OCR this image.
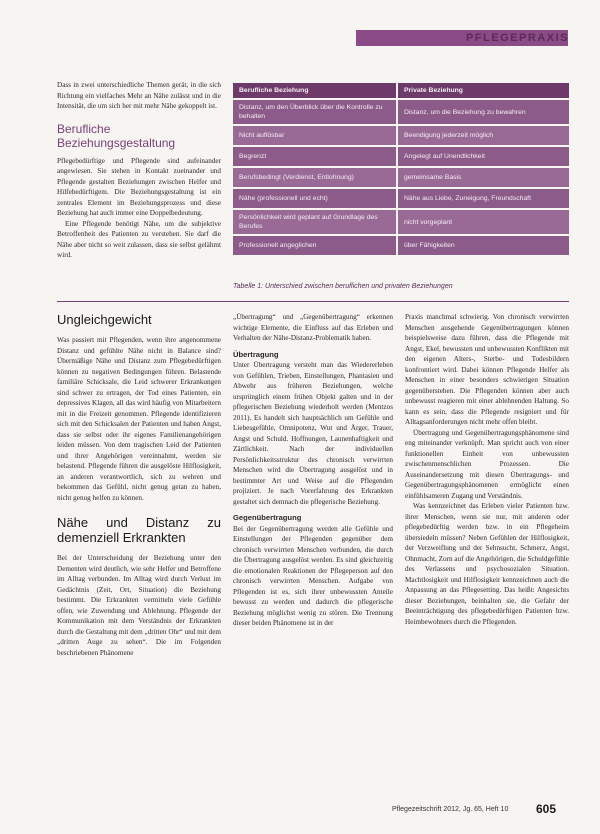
PFLEGEPRAXIS

Dass in zwei unterschiedliche Themen gerät, in die sich Richtung ein vielfaches Mehr an Nähe zulässt und in die Intensität, die um sich her mit mehr Nähe gekoppelt ist.

Berufliche Beziehungsgestaltung

Pflegebedürftige und Pflegende sind aufeinander angewiesen. Sie stehen in Kontakt zueinander und Pflegende gestalten Beziehungen zwischen Helfer und Hilfebedürftigem. Die Beziehungsgestaltung ist ein zentrales Element im Beziehungsprozess und diese Beziehung hat auch immer eine Doppelbedeutung.

Eine Pflegende benötigt Nähe, um die subjektive Betroffenheit des Patienten zu verstehen. Sie darf die Nähe aber nicht so weit zulassen, dass sie selbst gelähmt wird.

Berufliche Beziehung	Private Beziehung
Distanz, um den Überblick über die Kontrolle zu behalten	Distanz, um die Beziehung zu bewahren
Nicht auflösbar	Beendigung jederzeit möglich
Begrenzt	Angelegt auf Unendlichkeit
Berufsbedingt (Verdienst, Entlohnung)	gemeinsame Basis
Nähe (professionell und echt)	Nähe aus Liebe, Zuneigung, Freundschaft
Persönlichkeit wird geplant auf Grundlage des Berufes	nicht vorgeplant
Professionell angeglichen	über Fähigkeiten
Tabelle 1: Unterschied zwischen beruflichen und privaten Beziehungen
Ungleichgewicht

Was passiert mit Pflegenden, wenn ihre angenommene Distanz und gefühlte Nähe nicht in Balance sind? Übermäßige Nähe und Distanz zum Pflegebedürftigen können zu negativen Bedingungen führen. Belastende familiäre Schicksale, die Leid schwerer Erkrankungen sind schwer zu ertragen, der Tod eines Patienten, ein depressives Klagen, all das wird häufig von Mitarbeitern mit in die Freizeit genommen. Pflegende identifizieren sich mit den Schicksalen der Patienten und haben Angst, dass sie selbst oder ihr eigenes Familienangehörigen leiden müssen. Von dem tragischen Leid der Patienten und ihrer Angehörigen vereinnahmt, werden sie belastend. Pflegende führen die ausgelöste Hilflosigkeit, an anderen verantwortlich, sich zu wehren und bekommen das Gefühl, nicht genug getan zu haben, nicht genug helfen zu können.

Nähe und Distanz zu demenziell Erkrankten

Bei der Unterscheidung der Beziehung unter den Dementen wird deutlich, wie sehr Helfer und Betroffene im Alltag verbunden. Im Alltag wird durch Verlust im Gedächtnis (Zeit, Ort, Situation) die Beziehung bestimmt. Die Erkrankten vermitteln viele Gefühle offen, wie Zuwendung und Ablehnung. Pflegende der Kommunikation mit dem Verständnis der Erkrankten durch die Gestaltung mit dem „dritten Ohr“ und mit dem „dritten Auge zu sehen“. Die im Folgenden beschriebenen Phänomene

„Übertragung“ und „Gegenübertragung“ erkennen wichtige Elemente, die Einfluss auf das Erleben und Verhalten der Nähe-Distanz-Problematik haben.

Übertragung

Unter Übertragung versteht man das Wiedererleben von Gefühlen, Trieben, Einstellungen, Phantasien und Abwehr aus früheren Beziehungen, welche ursprünglich einem frühen Objekt galten und in der pflegerischen Beziehung wiederholt werden (Mentzos 2011). Es handelt sich hauptsächlich um Gefühle und Liebesgefühle, Omnipotenz, Wut und Ärger, Trauer, Angst und Schuld. Hoffnungen, Launenhaftigkeit und Zärtlichkeit. Nach der individuellen Persönlichkeitsstruktur des chronisch verwirrten Menschen wird die Übertragung ausgelöst und in bestimmter Art und Weise auf die Pflegenden projiziert. Je nach Vorerfahrung des Erkrankten gestaltet sich demnach die pflegerische Beziehung.

Gegenübertragung

Bei der Gegenübertragung werden alle Gefühle und Einstellungen der Pflegenden gegenüber dem chronisch verwirrten Menschen verbunden, die durch die Übertragung ausgelöst werden. Es sind gleichzeitig die emotionalen Reaktionen der Pflegeperson auf den chronisch verwirrten Menschen. Aufgabe von Pflegenden ist es, sich ihrer unbewussten Anteile bewusst zu werden und dadurch die pflegerische Beziehung möglichst wenig zu stören. Die Trennung dieser beiden Phänomene ist in der

Praxis manchmal schwierig. Von chronisch verwirrten Menschen ausgehende Gegenübertragungen können beispielsweise dazu führen, dass die Pflegende mit Angst, Ekel, bewussten und unbewussten Konflikten mit den eigenen Alters-, Sterbe- und Todesbildern konfrontiert wird. Dabei können Pflegende Helfer als Menschen in einer besonders schwierigen Situation gegenüberstehen. Die Pflegenden können aber auch unbewusst reagieren mit einer ablehnenden Haltung. So kann es sein, dass die Pflegende resigniert und für Alltagsanforderungen nicht mehr offen bleibt.

Übertragung und Gegenübertragungsphänomene sind eng miteinander verknüpft. Man spricht auch von einer funktionellen Einheit von unbewussten zwischenmenschlichen Prozessen. Die Auseinandersetzung mit diesen Übertragungs- und Gegenübertragungsphänomenen ermöglicht einen einfühlsameren Zugang und Verständnis.

Was kennzeichnet das Erleben vieler Patienten bzw. ihrer Menschen, wenn sie nur, mit anderen oder pflegebedürftig werden bzw. in ein Pflegeheim übersiedeln müssen? Neben Gefühlen der Hilflosigkeit, der Verzweiflung und der Sehnsucht, Schmerz, Angst, Ohnmacht, Zorn auf die Angehörigen, die Schuldgefühle des Verlassens und psychosozialen Situation. Machtlosigkeit und Hilflosigkeit kennzeichnen auch die Anpassung an das Pflegesetting. Das heißt: Angesichts dieser Beziehungen, beinhalten sie, die Gefahr der Beeinträchtigung des pflegebedürftigen Patienten bzw. Heimbewohners durch die Pflegenden.

Pflegezeitschrift 2012, Jg. 65, Heft 10 605
